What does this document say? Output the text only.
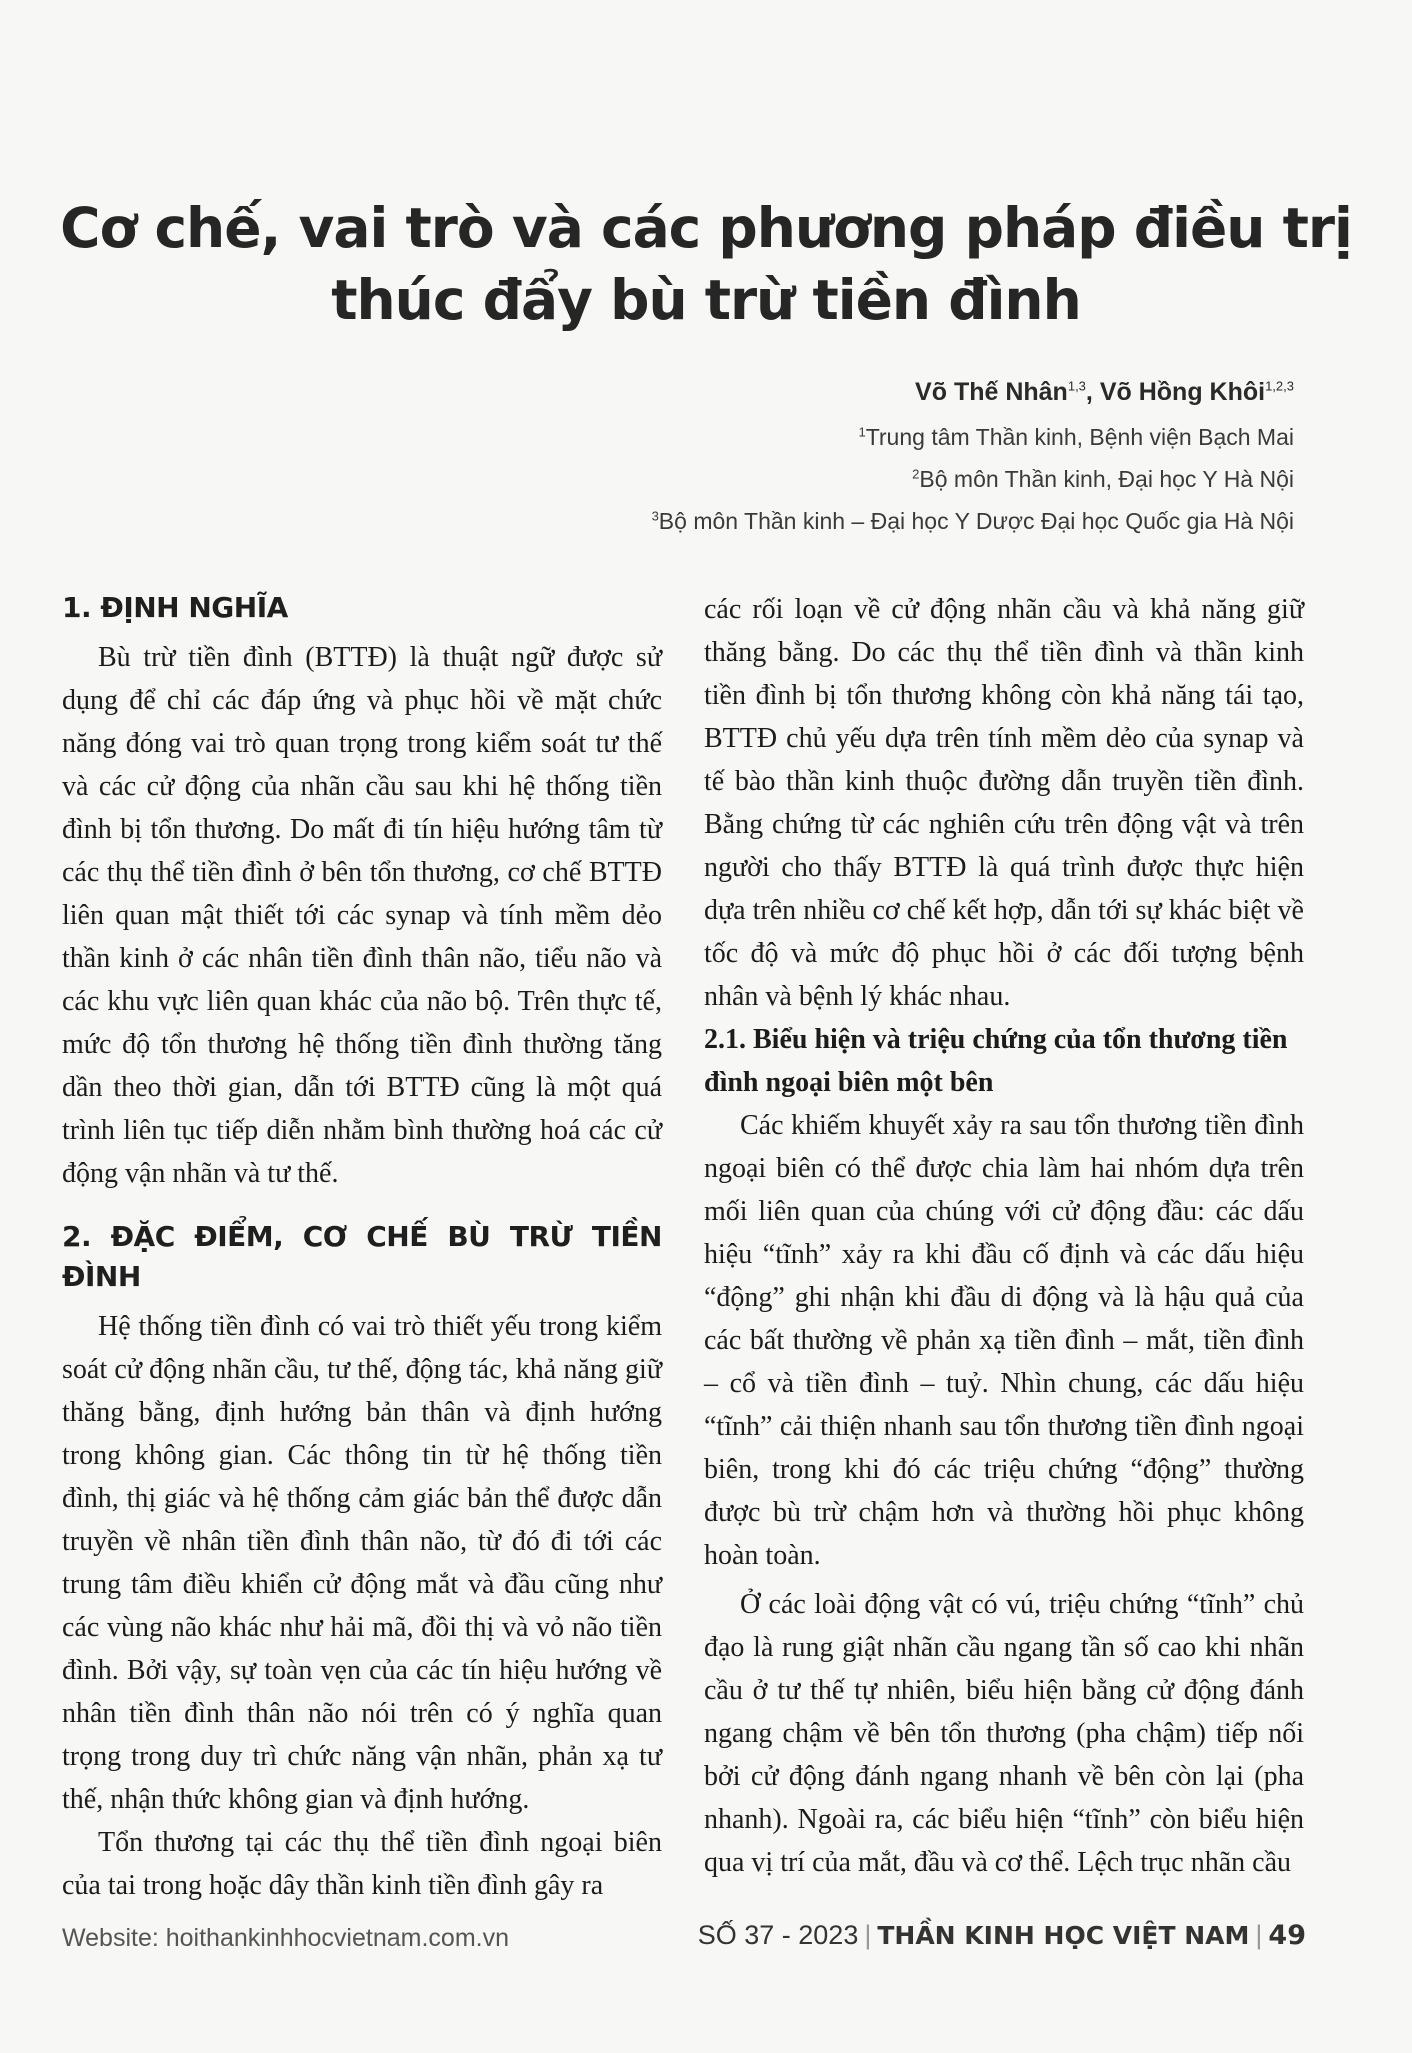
Cơ chế, vai trò và các phương pháp điều trị
thúc đẩy bù trừ tiền đình
Võ Thế Nhân$^{1,3}$, Võ Hồng Khôi$^{1,2,3}$
$^1$Trung tâm Thần kinh, Bệnh viện Bạch Mai
$^2$Bộ môn Thần kinh, Đại học Y Hà Nội
$^3$Bộ môn Thần kinh – Đại học Y Dược Đại học Quốc gia Hà Nội
1. ĐỊNH NGHĨA

Bù trừ tiền đình (BTTĐ) là thuật ngữ được sử dụng để chỉ các đáp ứng và phục hồi về mặt chức năng đóng vai trò quan trọng trong kiểm soát tư thế và các cử động của nhãn cầu sau khi hệ thống tiền đình bị tổn thương. Do mất đi tín hiệu hướng tâm từ các thụ thể tiền đình ở bên tổn thương, cơ chế BTTĐ liên quan mật thiết tới các synap và tính mềm dẻo thần kinh ở các nhân tiền đình thân não, tiểu não và các khu vực liên quan khác của não bộ. Trên thực tế, mức độ tổn thương hệ thống tiền đình thường tăng dần theo thời gian, dẫn tới BTTĐ cũng là một quá trình liên tục tiếp diễn nhằm bình thường hoá các cử động vận nhãn và tư thế.

2. ĐẶC ĐIỂM, CƠ CHẾ BÙ TRỪ TIỀN ĐÌNH

Hệ thống tiền đình có vai trò thiết yếu trong kiểm soát cử động nhãn cầu, tư thế, động tác, khả năng giữ thăng bằng, định hướng bản thân và định hướng trong không gian. Các thông tin từ hệ thống tiền đình, thị giác và hệ thống cảm giác bản thể được dẫn truyền về nhân tiền đình thân não, từ đó đi tới các trung tâm điều khiển cử động mắt và đầu cũng như các vùng não khác như hải mã, đồi thị và vỏ não tiền đình. Bởi vậy, sự toàn vẹn của các tín hiệu hướng về nhân tiền đình thân não nói trên có ý nghĩa quan trọng trong duy trì chức năng vận nhãn, phản xạ tư thế, nhận thức không gian và định hướng.

Tổn thương tại các thụ thể tiền đình ngoại biên của tai trong hoặc dây thần kinh tiền đình gây ra

các rối loạn về cử động nhãn cầu và khả năng giữ thăng bằng. Do các thụ thể tiền đình và thần kinh tiền đình bị tổn thương không còn khả năng tái tạo, BTTĐ chủ yếu dựa trên tính mềm dẻo của synap và tế bào thần kinh thuộc đường dẫn truyền tiền đình. Bằng chứng từ các nghiên cứu trên động vật và trên người cho thấy BTTĐ là quá trình được thực hiện dựa trên nhiều cơ chế kết hợp, dẫn tới sự khác biệt về tốc độ và mức độ phục hồi ở các đối tượng bệnh nhân và bệnh lý khác nhau.

2.1. Biểu hiện và triệu chứng của tổn thương tiền đình ngoại biên một bên

Các khiếm khuyết xảy ra sau tổn thương tiền đình ngoại biên có thể được chia làm hai nhóm dựa trên mối liên quan của chúng với cử động đầu: các dấu hiệu “tĩnh” xảy ra khi đầu cố định và các dấu hiệu “động” ghi nhận khi đầu di động và là hậu quả của các bất thường về phản xạ tiền đình – mắt, tiền đình – cổ và tiền đình – tuỷ. Nhìn chung, các dấu hiệu “tĩnh” cải thiện nhanh sau tổn thương tiền đình ngoại biên, trong khi đó các triệu chứng “động” thường được bù trừ chậm hơn và thường hồi phục không hoàn toàn.

Ở các loài động vật có vú, triệu chứng “tĩnh” chủ đạo là rung giật nhãn cầu ngang tần số cao khi nhãn cầu ở tư thế tự nhiên, biểu hiện bằng cử động đánh ngang chậm về bên tổn thương (pha chậm) tiếp nối bởi cử động đánh ngang nhanh về bên còn lại (pha nhanh). Ngoài ra, các biểu hiện “tĩnh” còn biểu hiện qua vị trí của mắt, đầu và cơ thể. Lệch trục nhãn cầu

Website: hoithankinhhocvietnam.com.vn	SỐ 37 - 2023 | THẦN KINH HỌC VIỆT NAM | 49
